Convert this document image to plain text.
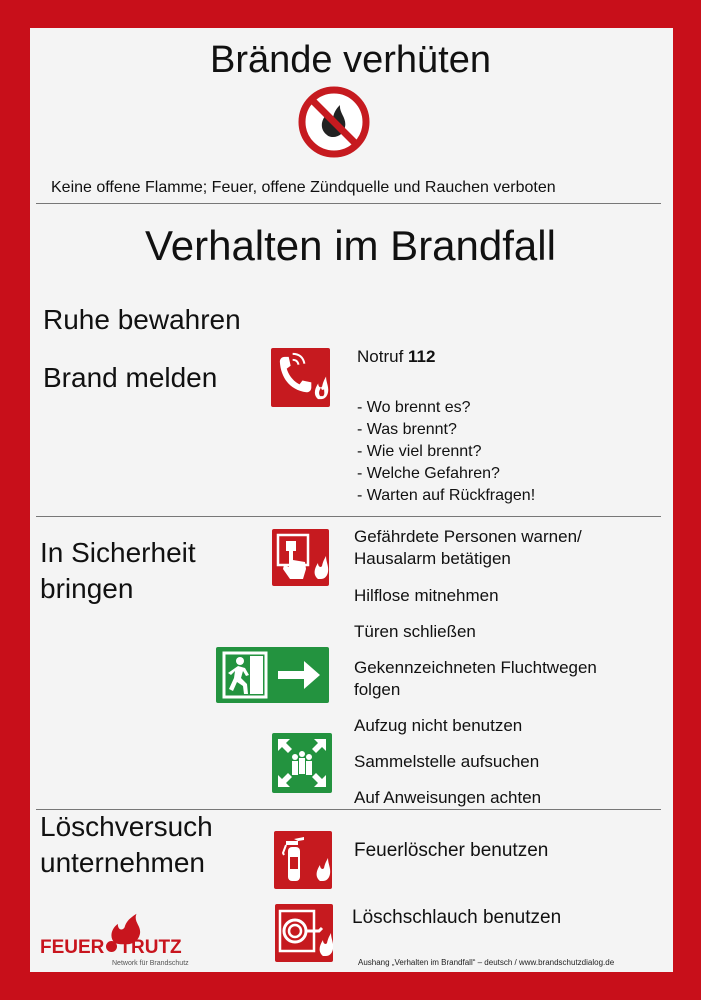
Brände verhüten
Keine offene Flamme; Feuer, offene Zündquelle und Rauchen verboten
Verhalten im Brandfall
Ruhe bewahren
Brand melden
Notruf 112
- Wo brennt es?
- Was brennt?
- Wie viel brennt?
- Welche Gefahren?
- Warten auf Rückfragen!
In Sicherheit
bringen
Gefährdete Personen warnen/
Hausalarm betätigen
Hilflose mitnehmen
Türen schließen
Gekennzeichneten Fluchtwegen
folgen
Aufzug nicht benutzen
Sammelstelle aufsuchen
Auf Anweisungen achten
Löschversuch
unternehmen	Feuerlöscher benutzen
Löschschlauch benutzen
FEUER TRUTZ
Network für Brandschutz	Aushang „Verhalten im Brandfall“ – deutsch / www.brandschutzdialog.de
